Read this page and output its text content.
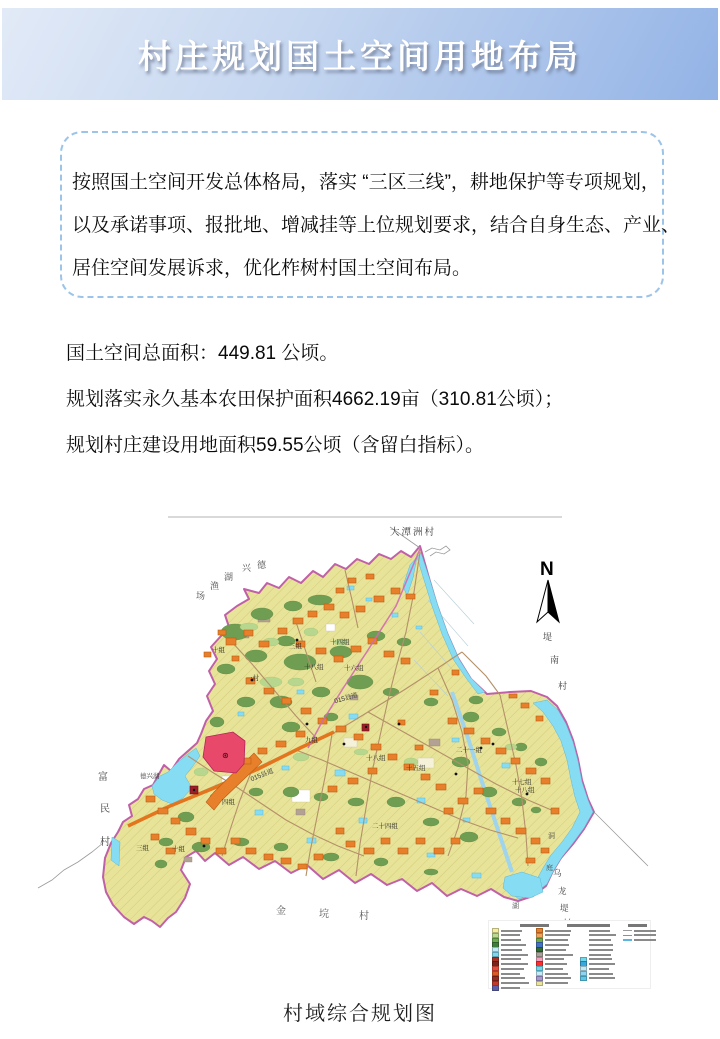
村庄规划国土空间用地布局
按照国土空间开发总体格局，落实 “三区三线”，耕地保护等专项规划，
以及承诺事项、报批地、增减挂等上位规划要求，结合自身生态、产业、
居住空间发展诉求，优化柞树村国土空间布局。
国土空间总面积：449.81 公顷。
规划落实永久基本农田保护面积4662.19亩（310.81公顷）；
规划村庄建设用地面积59.55公顷（含留白指标）。
⊛
N
大潭洲村
场
渔
湖
兴 德
堤
南
村
富
民
村
德兴湖
金	垸	村
乌
龙
堤
洞
庭
湖
015县道
015县道
十组
三组
十四组
十八组
一村
十六组
九组
十八组
十五组
二十一组
二十四组
十七组
十八组
四组
三组	十组
村域综合规划图
